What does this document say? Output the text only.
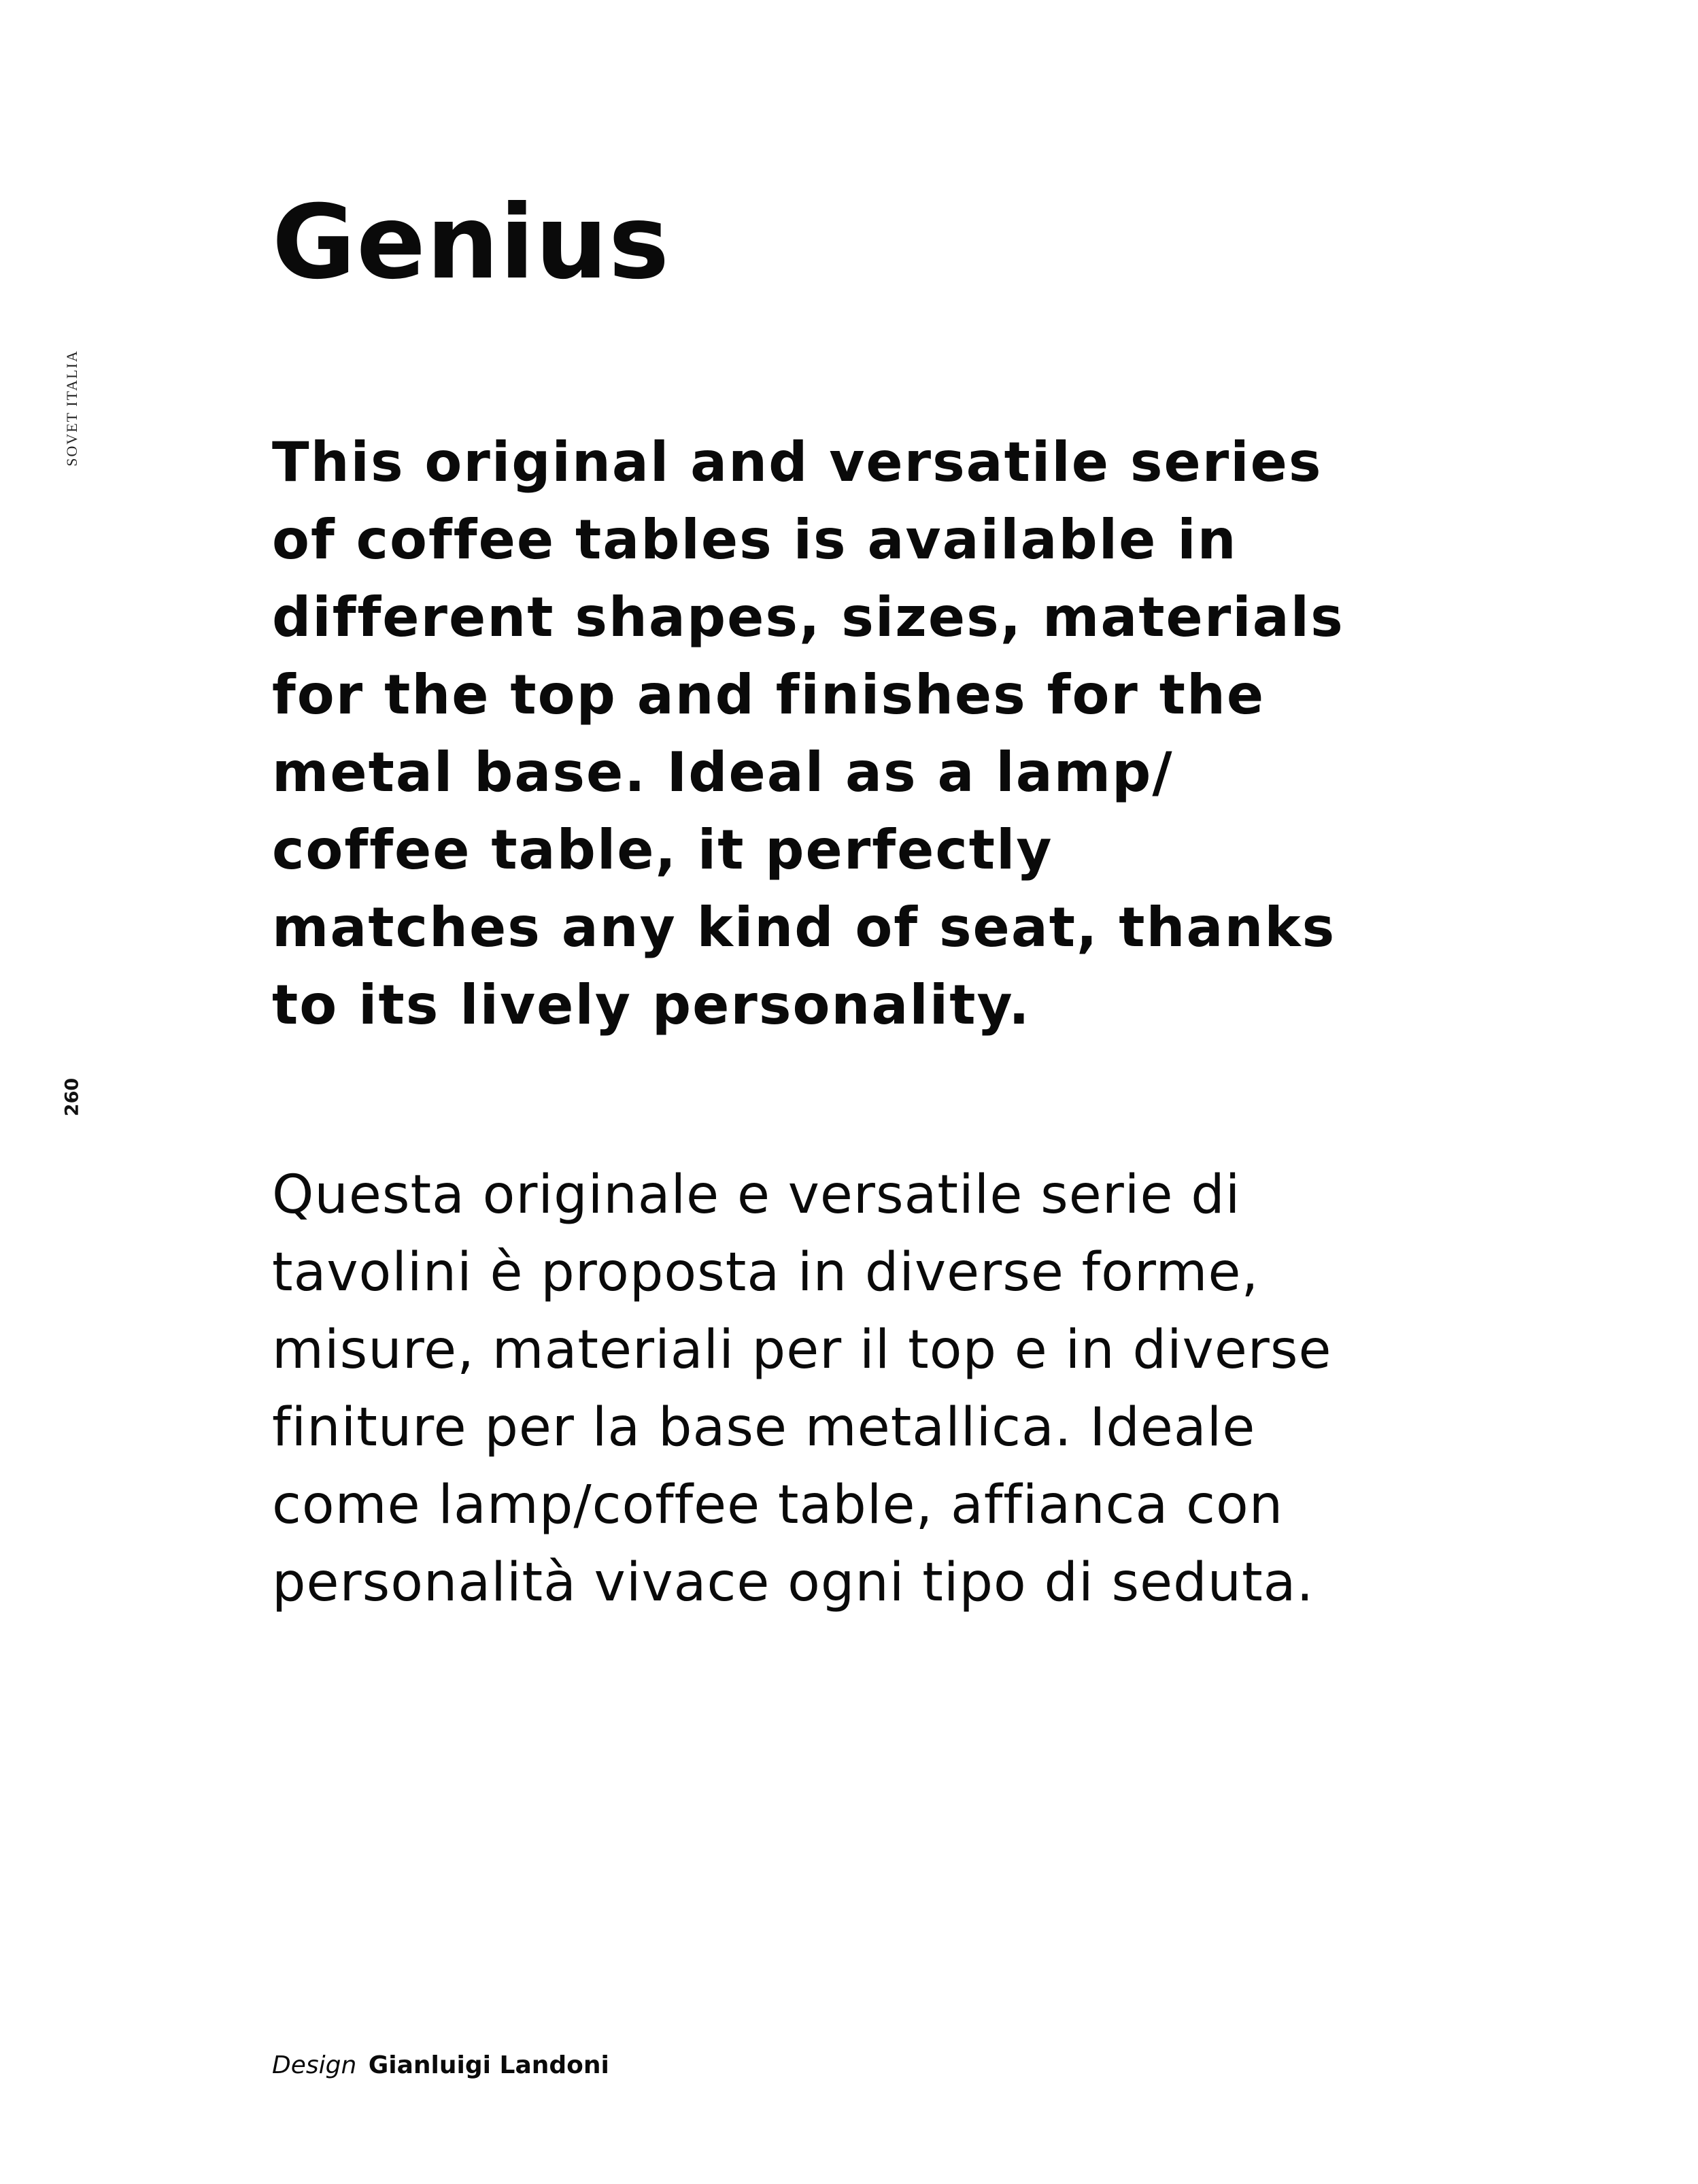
SOVET ITALIA
260
Genius

This original and versatile series
of coffee tables is available in
different shapes, sizes, materials
for the top and finishes for the
metal base. Ideal as a lamp/
coffee table, it perfectly
matches any kind of seat, thanks
to its lively personality.

Questa originale e versatile serie di
tavolini è proposta in diverse forme,
misure, materiali per il top e in diverse
finiture per la base metallica. Ideale
come lamp/coffee table, affianca con
personalità vivace ogni tipo di seduta.

Design Gianluigi Landoni
